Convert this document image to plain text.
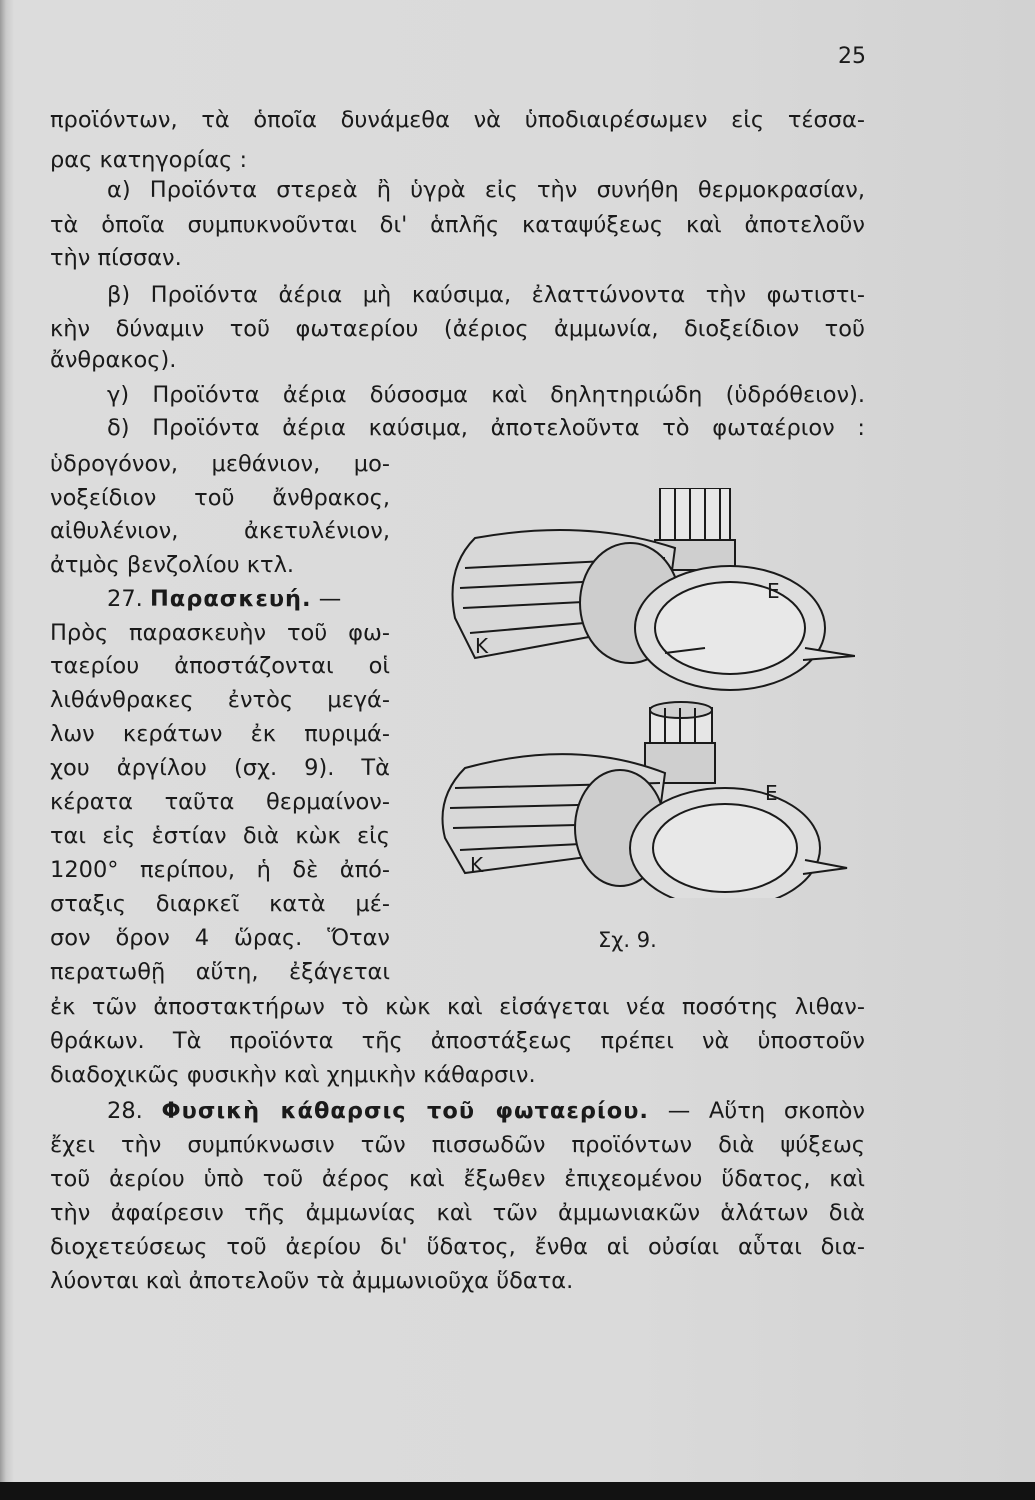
25
προϊόντων, τὰ ὁποῖα δυνάμεθα νὰ ὑποδιαιρέσωμεν εἰς τέσσα-
ρας κατηγορίας :
α) Προϊόντα στερεὰ ἢ ὑγρὰ εἰς τὴν συνήθη θερμοκρασίαν,
τὰ ὁποῖα συμπυκνοῦνται δι' ἁπλῆς καταψύξεως καὶ ἀποτελοῦν
τὴν πίσσαν.
β) Προϊόντα ἀέρια μὴ καύσιμα, ἐλαττώνοντα τὴν φωτιστι-
κὴν δύναμιν τοῦ φωταερίου (ἀέριος ἀμμωνία, διοξείδιον τοῦ
ἄνθρακος).
γ) Προϊόντα ἀέρια δύσοσμα καὶ δηλητηριώδη (ὑδρόθειον).
δ) Προϊόντα ἀέρια καύσιμα, ἀποτελοῦντα τὸ φωταέριον :
ὑδρογόνον, μεθάνιον, μο-
νοξείδιον τοῦ ἄνθρακος,
αἰθυλένιον, ἀκετυλένιον,
ἀτμὸς βενζολίου κτλ.
27. Παρασκευή. —
Πρὸς παρασκευὴν τοῦ φω-
ταερίου ἀποστάζονται οἱ
λιθάνθρακες ἐντὸς μεγά-
λων κεράτων ἐκ πυριμά-
χου ἀργίλου (σχ. 9). Τὰ
κέρατα ταῦτα θερμαίνον-
ται εἰς ἑστίαν διὰ κὼκ εἰς
1200° περίπου, ἡ δὲ ἀπό-
σταξις διαρκεῖ κατὰ μέ-
σον ὅρον 4 ὥρας. Ὅταν
περατωθῇ αὕτη, ἐξάγεται
ἐκ τῶν ἀποστακτήρων τὸ κὼκ καὶ εἰσάγεται νέα ποσότης λιθαν-
θράκων. Τὰ προϊόντα τῆς ἀποστάξεως πρέπει νὰ ὑποστοῦν
διαδοχικῶς φυσικὴν καὶ χημικὴν κάθαρσιν.
28. Φυσικὴ κάθαρσις τοῦ φωταερίου. — Αὕτη σκοπὸν
ἔχει τὴν συμπύκνωσιν τῶν πισσωδῶν προϊόντων διὰ ψύξεως
τοῦ ἀερίου ὑπὸ τοῦ ἀέρος καὶ ἔξωθεν ἐπιχεομένου ὕδατος, καὶ
τὴν ἀφαίρεσιν τῆς ἀμμωνίας καὶ τῶν ἀμμωνιακῶν ἁλάτων διὰ
διοχετεύσεως τοῦ ἀερίου δι' ὕδατος, ἔνθα αἱ οὐσίαι αὗται δια-
λύονται καὶ ἀποτελοῦν τὰ ἀμμωνιοῦχα ὕδατα.
Κ
Ε
Κ
Ε
Σχ. 9.
